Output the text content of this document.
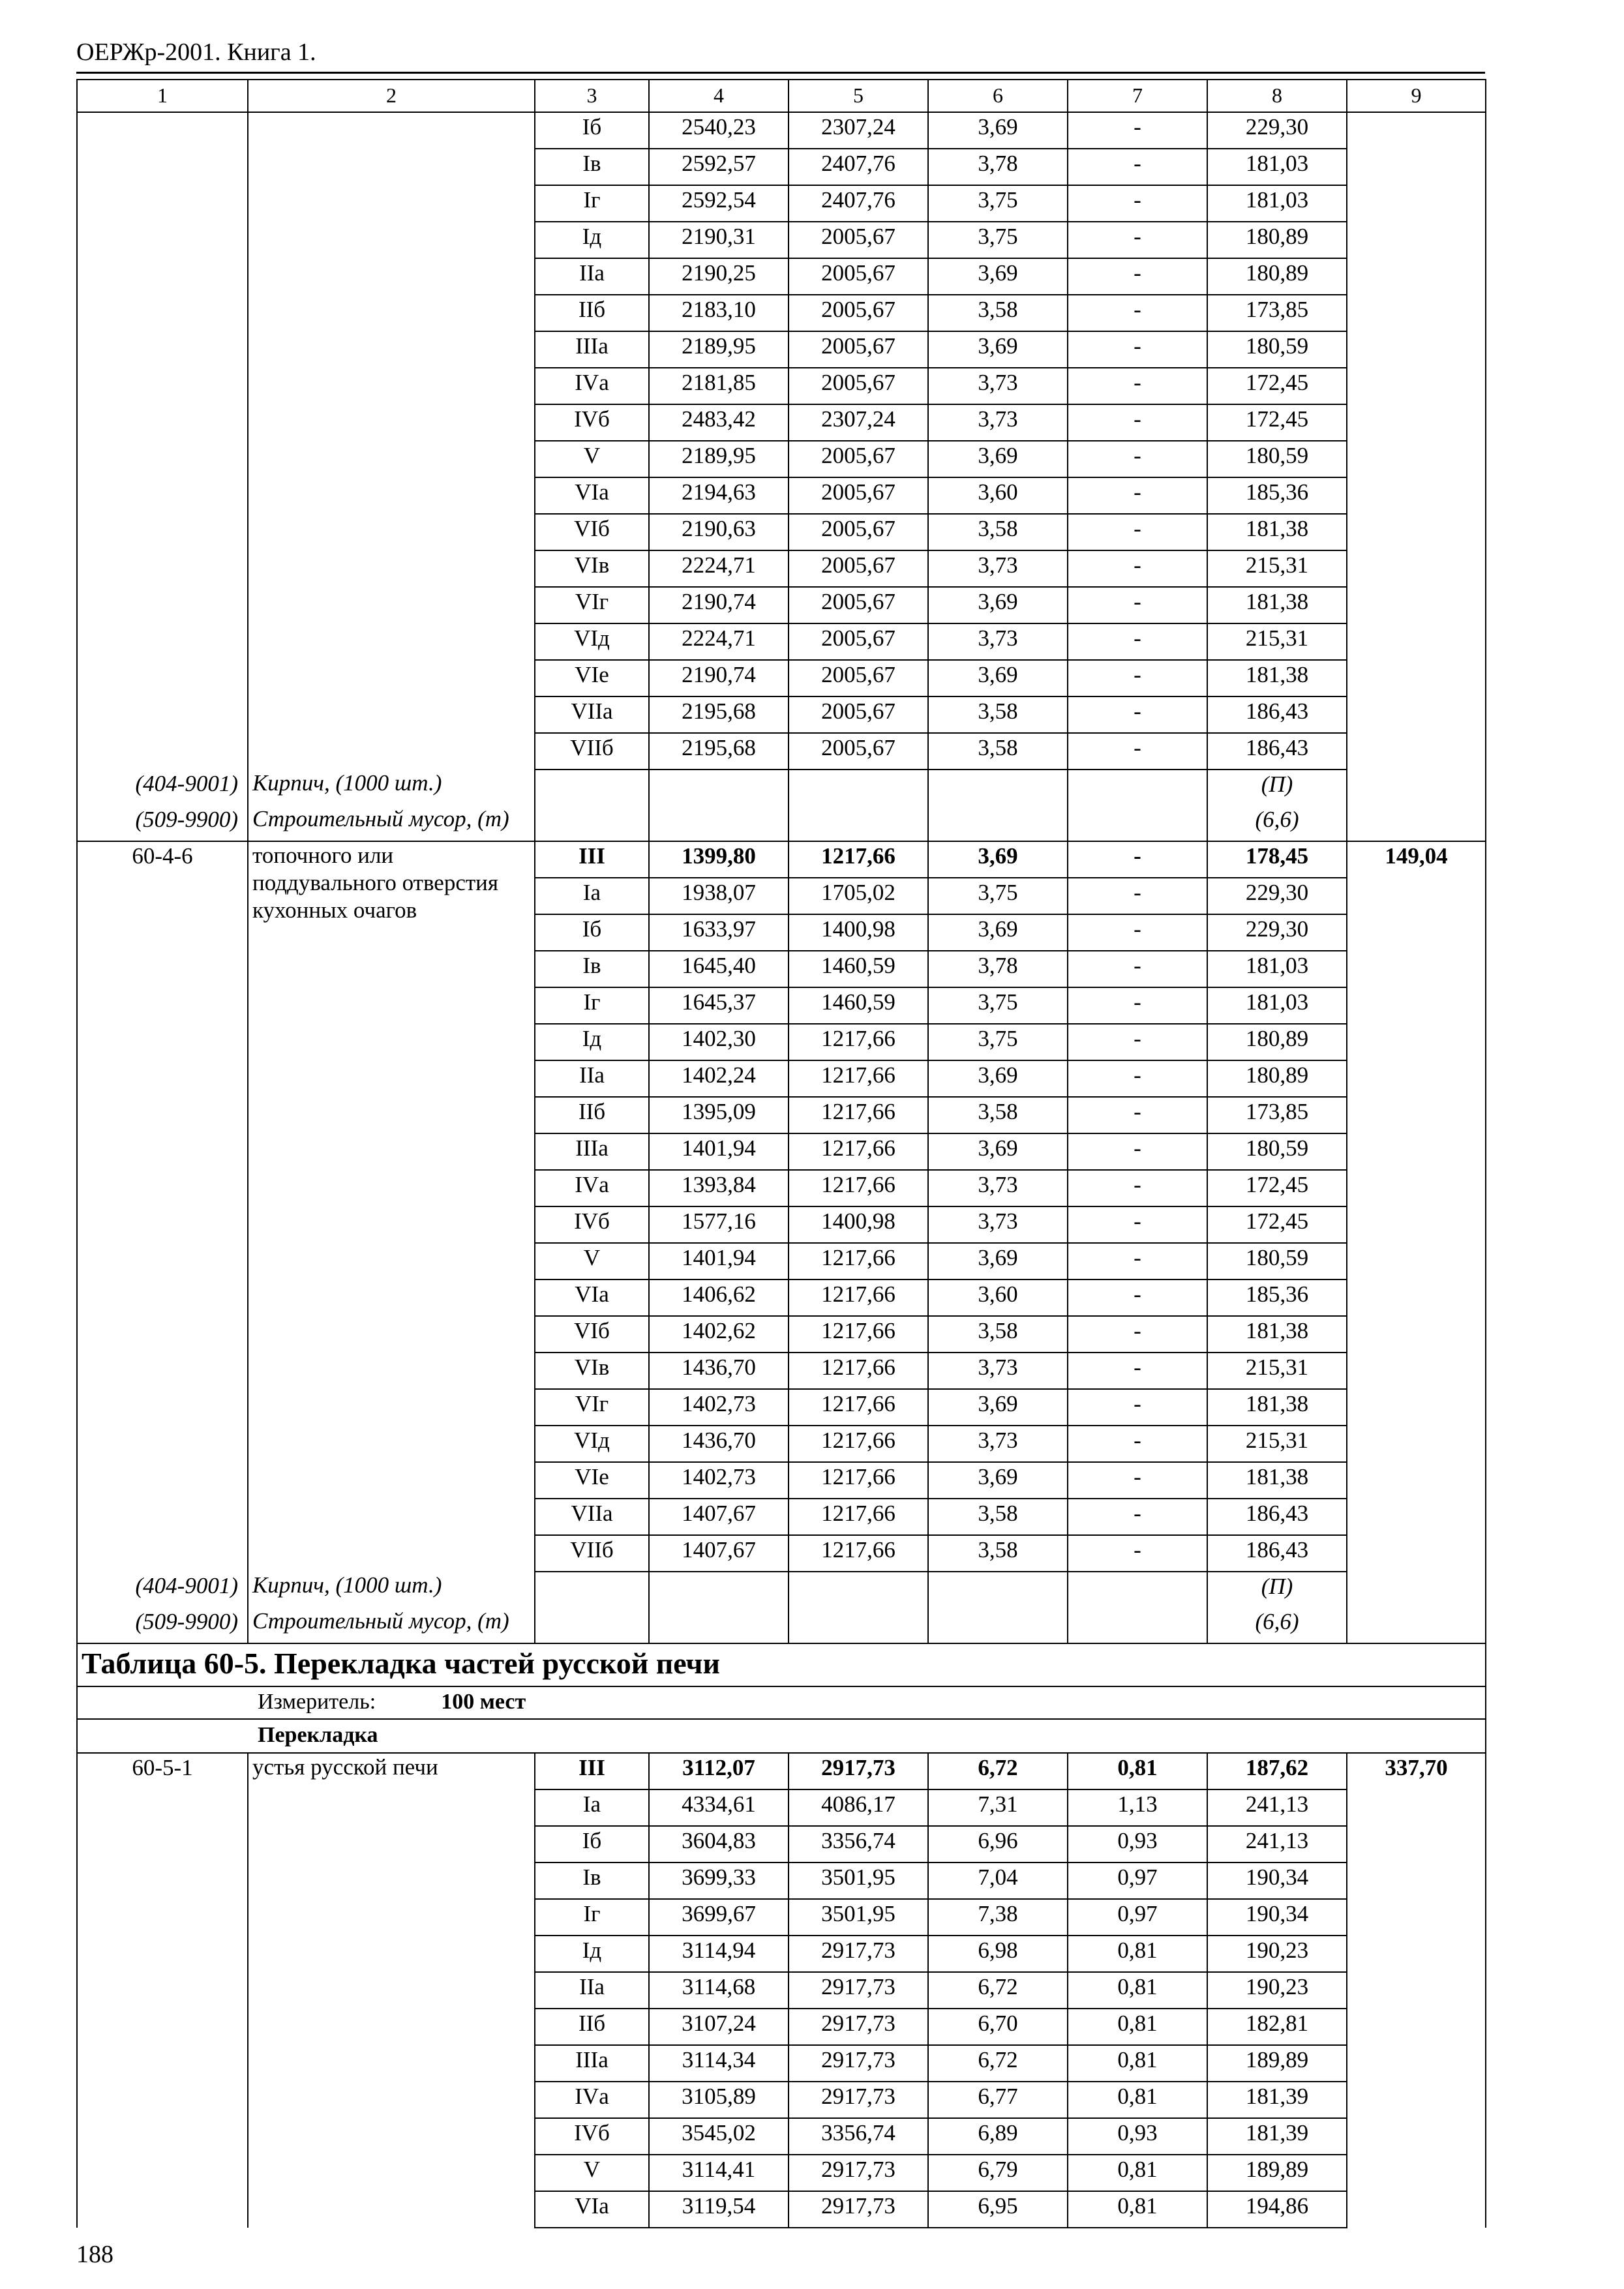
ОЕРЖр-2001. Книга 1.
1	2	3	4	5	6	7	8	9
		Iб	2540,23	2307,24	3,69	-	229,30	
		Iв	2592,57	2407,76	3,78	-	181,03	
		Iг	2592,54	2407,76	3,75	-	181,03	
		Iд	2190,31	2005,67	3,75	-	180,89	
		IIа	2190,25	2005,67	3,69	-	180,89	
		IIб	2183,10	2005,67	3,58	-	173,85	
		IIIа	2189,95	2005,67	3,69	-	180,59	
		IVа	2181,85	2005,67	3,73	-	172,45	
		IVб	2483,42	2307,24	3,73	-	172,45	
		V	2189,95	2005,67	3,69	-	180,59	
		VIа	2194,63	2005,67	3,60	-	185,36	
		VIб	2190,63	2005,67	3,58	-	181,38	
		VIв	2224,71	2005,67	3,73	-	215,31	
		VIг	2190,74	2005,67	3,69	-	181,38	
		VIд	2224,71	2005,67	3,73	-	215,31	
		VIе	2190,74	2005,67	3,69	-	181,38	
		VIIа	2195,68	2005,67	3,58	-	186,43	
		VIIб	2195,68	2005,67	3,58	-	186,43	
(404-9001)	Кирпич, (1000 шт.)						(П)	
(509-9900)	Строительный мусор, (т)						(6,6)	
60-4-6	топочного или поддувального отверстия кухонных очагов	III	1399,80	1217,66	3,69	-	178,45	149,04
		Iа	1938,07	1705,02	3,75	-	229,30	
		Iб	1633,97	1400,98	3,69	-	229,30	
		Iв	1645,40	1460,59	3,78	-	181,03	
		Iг	1645,37	1460,59	3,75	-	181,03	
		Iд	1402,30	1217,66	3,75	-	180,89	
		IIа	1402,24	1217,66	3,69	-	180,89	
		IIб	1395,09	1217,66	3,58	-	173,85	
		IIIа	1401,94	1217,66	3,69	-	180,59	
		IVа	1393,84	1217,66	3,73	-	172,45	
		IVб	1577,16	1400,98	3,73	-	172,45	
		V	1401,94	1217,66	3,69	-	180,59	
		VIа	1406,62	1217,66	3,60	-	185,36	
		VIб	1402,62	1217,66	3,58	-	181,38	
		VIв	1436,70	1217,66	3,73	-	215,31	
		VIг	1402,73	1217,66	3,69	-	181,38	
		VIд	1436,70	1217,66	3,73	-	215,31	
		VIе	1402,73	1217,66	3,69	-	181,38	
		VIIа	1407,67	1217,66	3,58	-	186,43	
		VIIб	1407,67	1217,66	3,58	-	186,43	
(404-9001)	Кирпич, (1000 шт.)						(П)	
(509-9900)	Строительный мусор, (т)						(6,6)	
Таблица 60-5. Перекладка частей русской печи								
Измеритель: 100 мест								
Перекладка								
60-5-1	устья русской печи	III	3112,07	2917,73	6,72	0,81	187,62	337,70
		Iа	4334,61	4086,17	7,31	1,13	241,13	
		Iб	3604,83	3356,74	6,96	0,93	241,13	
		Iв	3699,33	3501,95	7,04	0,97	190,34	
		Iг	3699,67	3501,95	7,38	0,97	190,34	
		Iд	3114,94	2917,73	6,98	0,81	190,23	
		IIа	3114,68	2917,73	6,72	0,81	190,23	
		IIб	3107,24	2917,73	6,70	0,81	182,81	
		IIIа	3114,34	2917,73	6,72	0,81	189,89	
		IVа	3105,89	2917,73	6,77	0,81	181,39	
		IVб	3545,02	3356,74	6,89	0,93	181,39	
		V	3114,41	2917,73	6,79	0,81	189,89	
		VIа	3119,54	2917,73	6,95	0,81	194,86	
188
